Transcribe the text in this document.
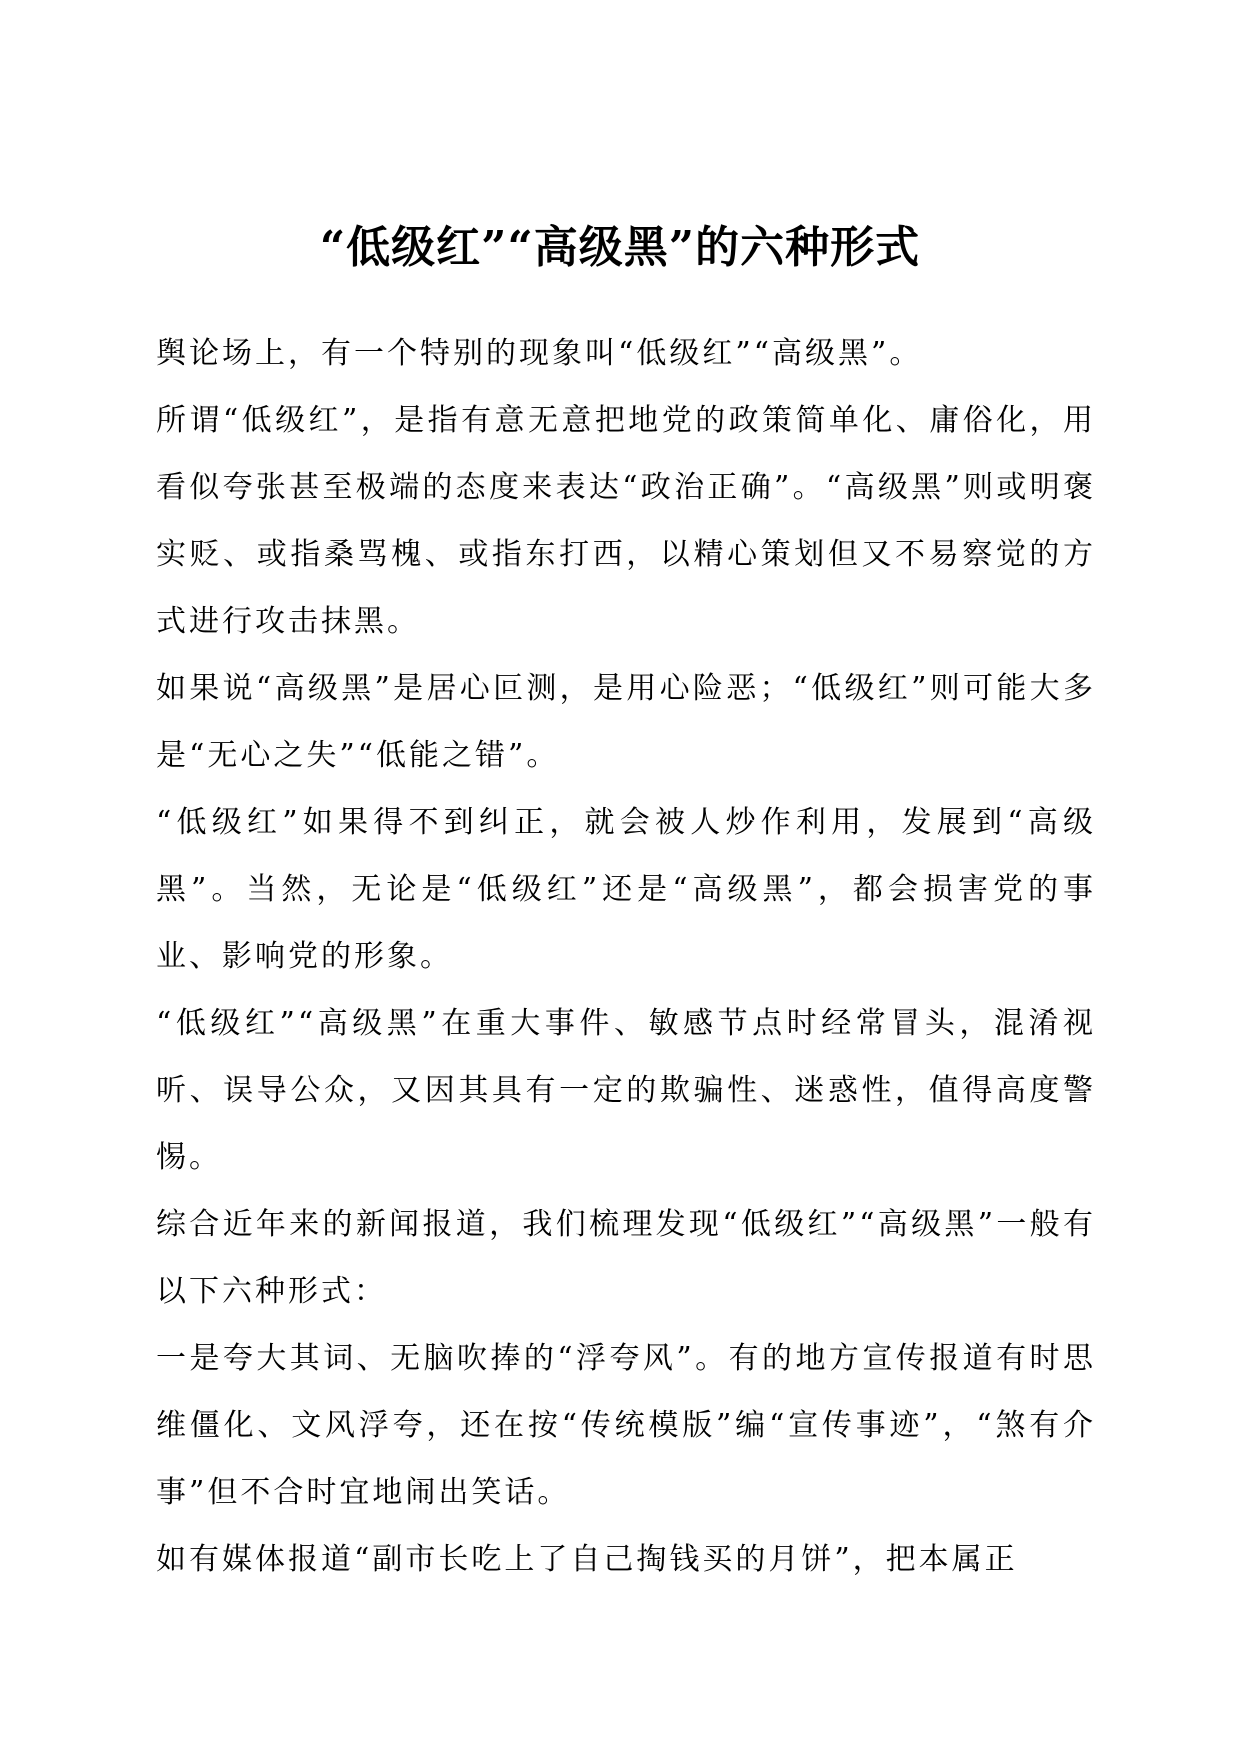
“低级红”“高级黑”的六种形式

舆论场上，有一个特别的现象叫“低级红”“高级黑”。

所谓“低级红”，是指有意无意把地党的政策简单化、庸俗化，用看似夸张甚至极端的态度来表达“政治正确”。“高级黑”则或明褒实贬、或指桑骂槐、或指东打西，以精心策划但又不易察觉的方式进行攻击抹黑。

如果说“高级黑”是居心叵测，是用心险恶；“低级红”则可能大多是“无心之失”“低能之错”。

“低级红”如果得不到纠正，就会被人炒作利用，发展到“高级黑”。当然，无论是“低级红”还是“高级黑”，都会损害党的事业、影响党的形象。

“低级红”“高级黑”在重大事件、敏感节点时经常冒头，混淆视听、误导公众，又因其具有一定的欺骗性、迷惑性，值得高度警惕。

综合近年来的新闻报道，我们梳理发现“低级红”“高级黑”一般有以下六种形式：

一是夸大其词、无脑吹捧的“浮夸风”。有的地方宣传报道有时思维僵化、文风浮夸，还在按“传统模版”编“宣传事迹”，“煞有介事”但不合时宜地闹出笑话。

如有媒体报道“副市长吃上了自己掏钱买的月饼”，把本属正
